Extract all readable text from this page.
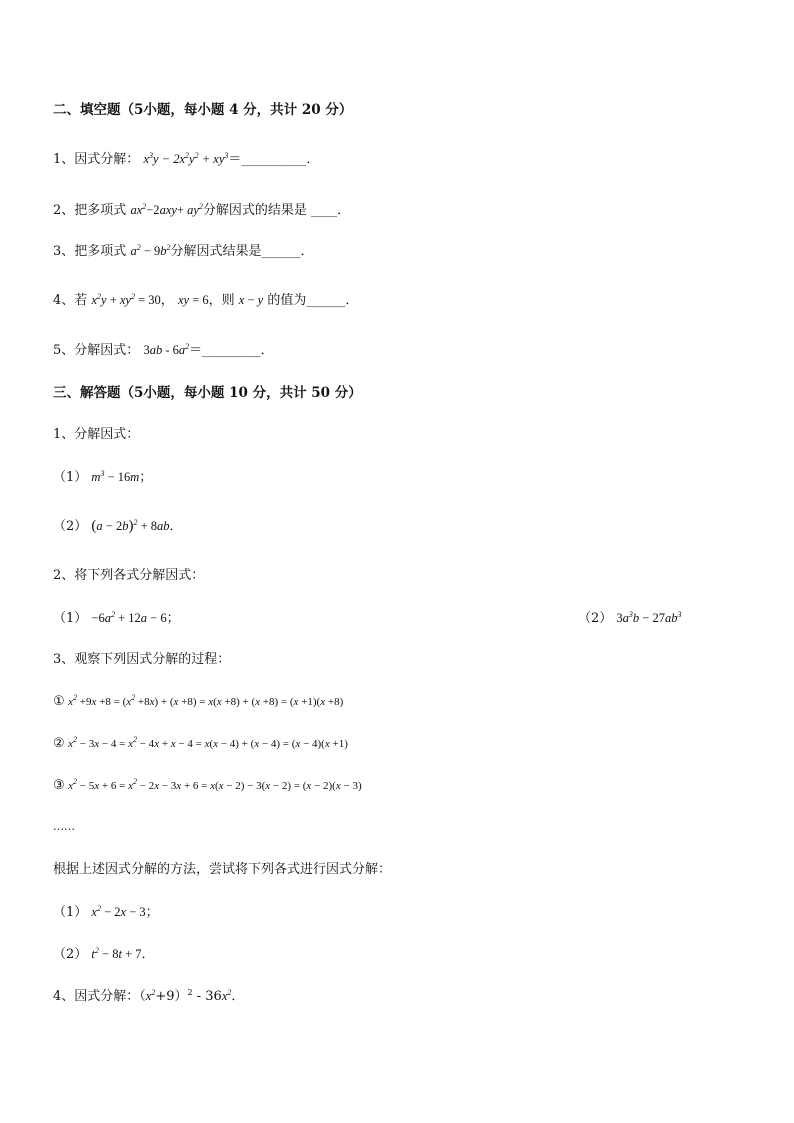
二、填空题（5小题，每小题 4 分，共计 20 分）
1、因式分解： $x^3y - 2x^2y^2$ + $xy^3=\_\_\_\_\_\_\_\_\_\_$．
2、把多项式 $ax^2-2axy+ ay^2$分解因式的结果是 ____．
3、把多项式 $a^2 - 9b^2$分解因式结果是______．
4、若 $x^2y + xy^2 = 30$， xy = 6，则 x − y 的值为______．
5、分解因式： $3ab - 6a^2=\_\_\_\_\_\_\_\_\_$．
三、解答题（5小题，每小题 10 分，共计 50 分）
1、分解因式：
（1） $m^3 - 16m$；
（2） $(a - 2b)^2 + 8ab$．
2、将下列各式分解因式：
$(1) -6a^2 + 12a - 6$；	（2） $3a^3b - 27ab^3$
3、观察下列因式分解的过程：
① $x^2 +9x +8 = (x^2 +8x) + (x +8) = x(x +8) + (x +8) = (x +1)(x +8)$
② $x^2 - 3x - 4 = x^2 - 4x + x - 4 = x(x - 4) + (x - 4) = (x - 4)(x +1)$
③ $x^2 - 5x + 6 = x^2 - 2x - 3x + 6 = x(x - 2) - 3(x - 2) = (x - 2)(x - 3)$
……
根据上述因式分解的方法，尝试将下列各式进行因式分解：
（1） $x^2 - 2x - 3$；
（2） $t^2 - 8t + 7$．
4、因式分解：$(x^2+9)^2 - 36x^2$．
